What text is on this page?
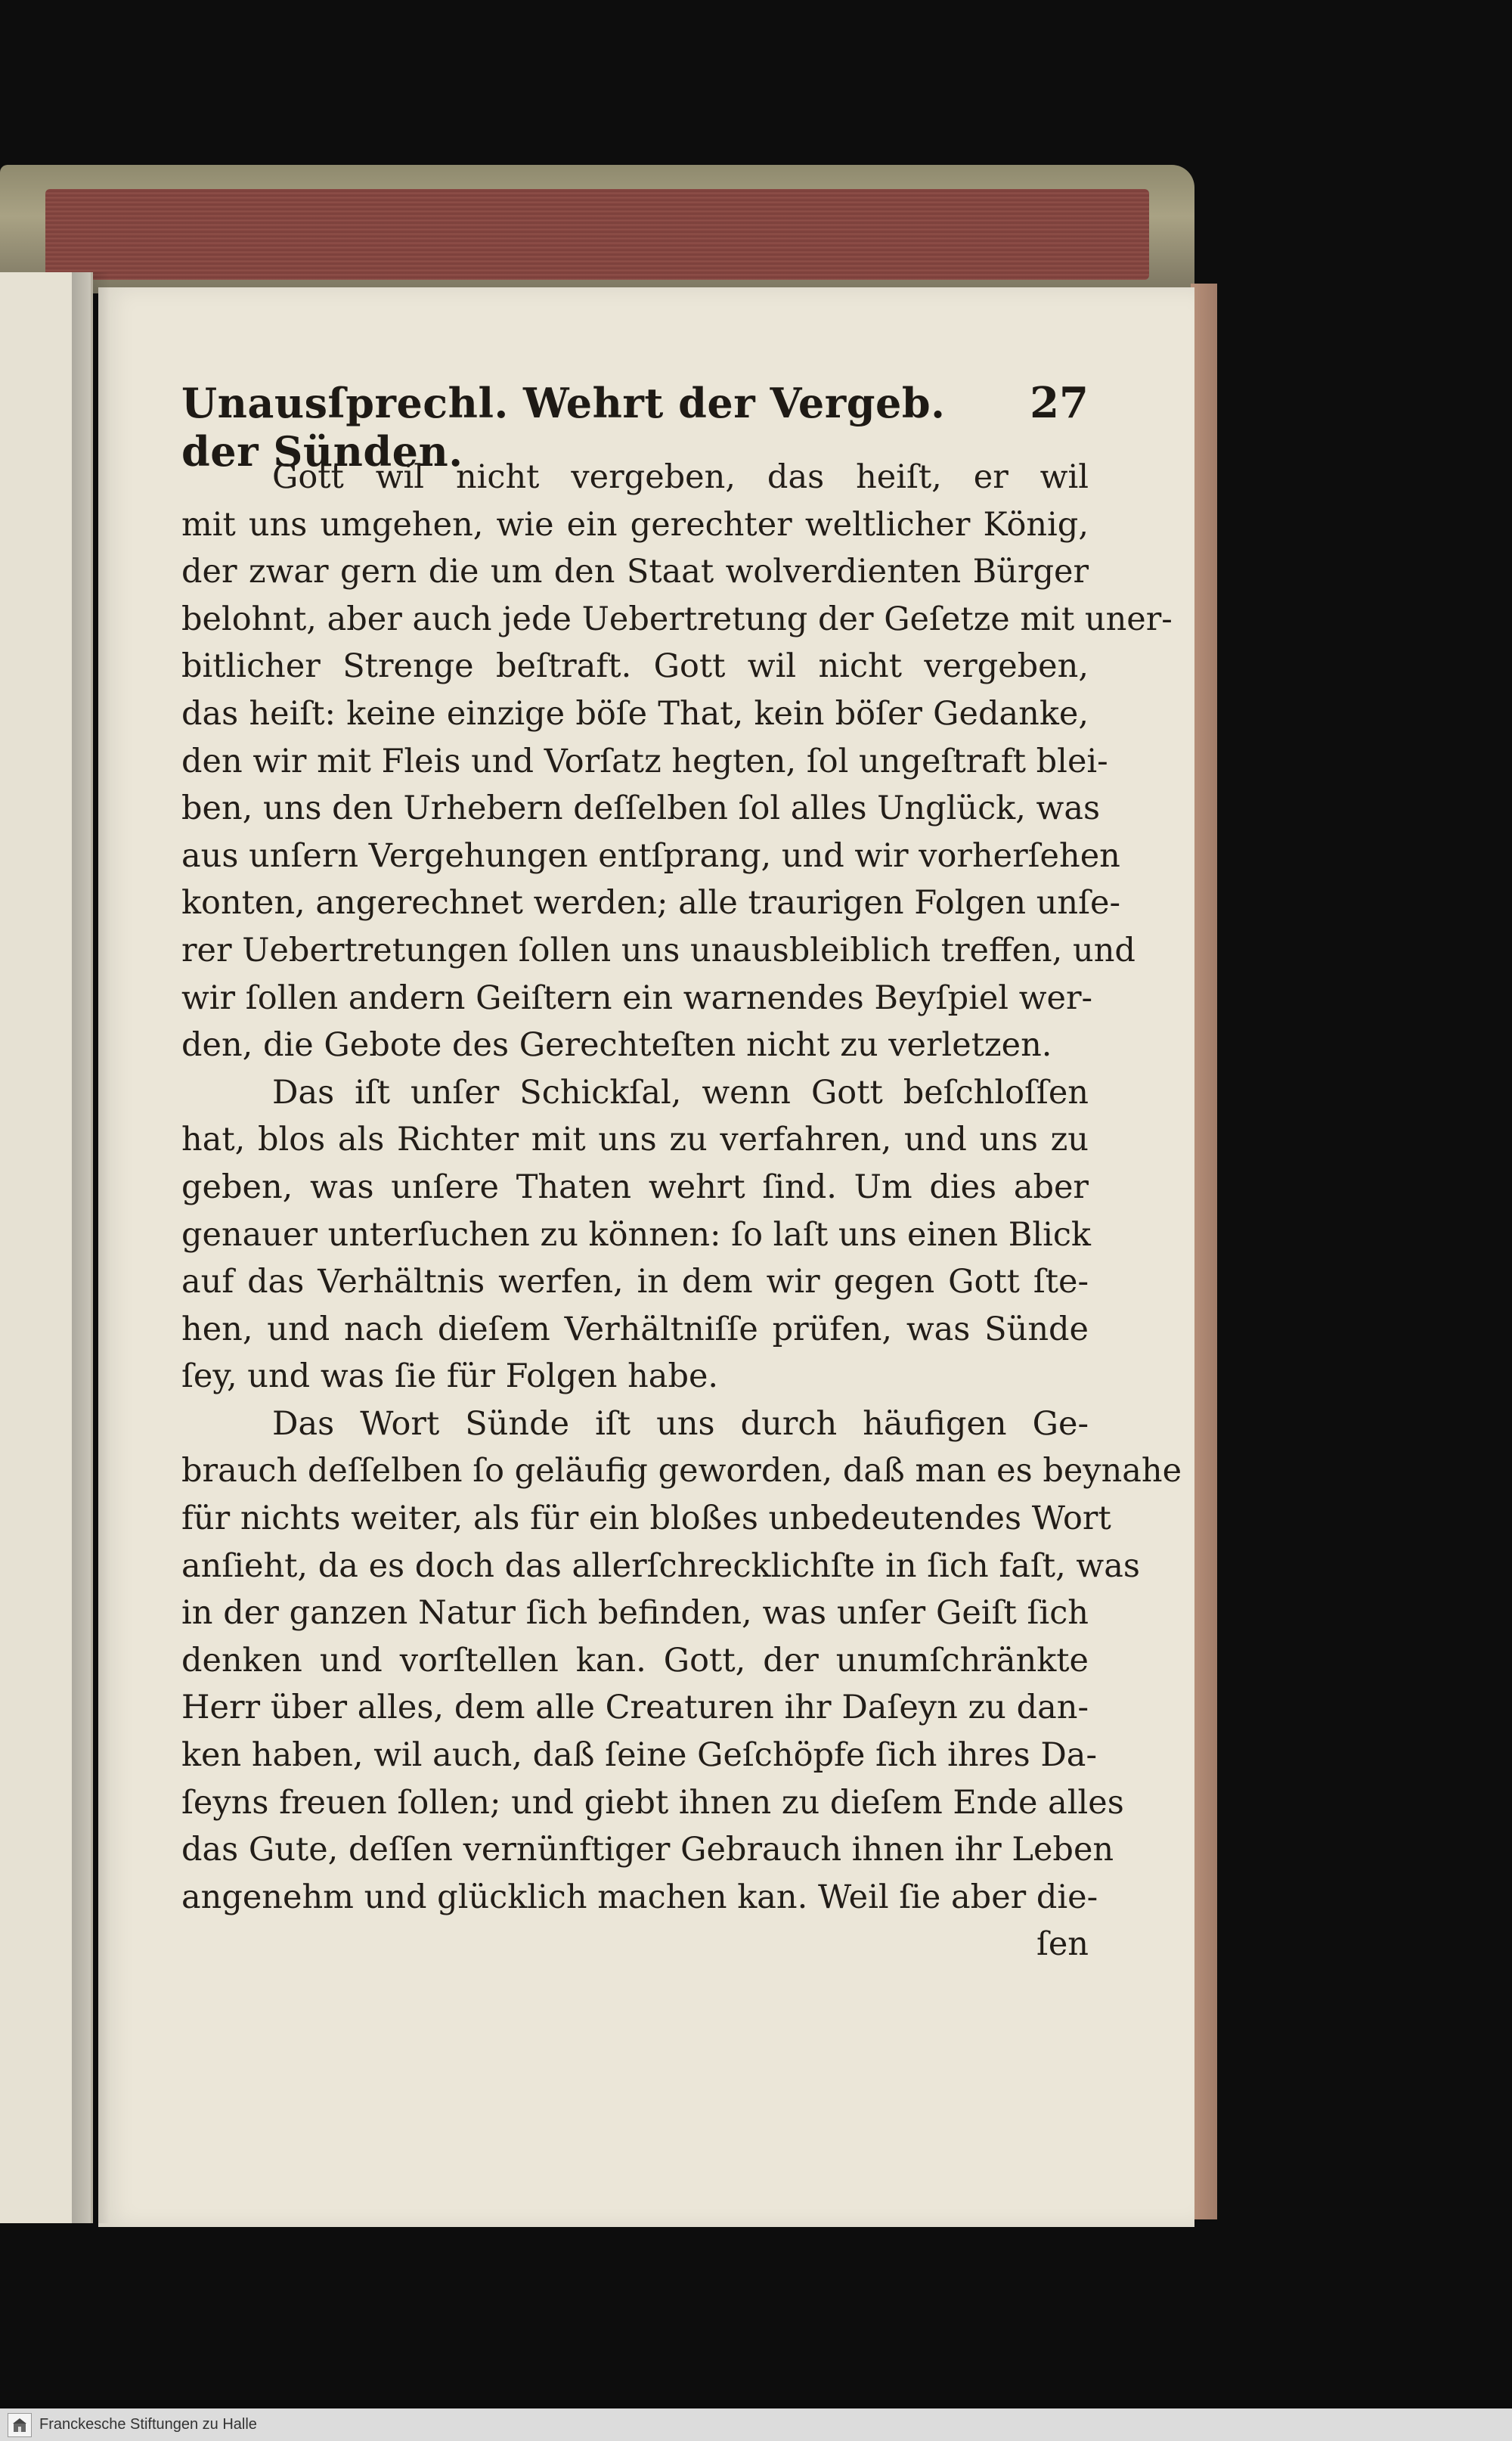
Unausſprechl. Wehrt der Vergeb. der Sünden.
27
Gott wil nicht vergeben, das heiſt, er wil
mit uns umgehen, wie ein gerechter weltlicher König,
der zwar gern die um den Staat wolverdienten Bürger
belohnt, aber auch jede Uebertretung der Geſetze mit uner-
bitlicher Strenge beſtraft. Gott wil nicht vergeben,
das heiſt: keine einzige böſe That, kein böſer Gedanke,
den wir mit Fleis und Vorſatz hegten, ſol ungeſtraft blei-
ben, uns den Urhebern deſſelben ſol alles Unglück, was
aus unſern Vergehungen entſprang, und wir vorherſehen
konten, angerechnet werden; alle traurigen Folgen unſe-
rer Uebertretungen ſollen uns unausbleiblich treffen, und
wir ſollen andern Geiſtern ein warnendes Beyſpiel wer-
den, die Gebote des Gerechteſten nicht zu verletzen.
Das iſt unſer Schickſal, wenn Gott beſchloſſen
hat, blos als Richter mit uns zu verfahren, und uns zu
geben, was unſere Thaten wehrt ſind. Um dies aber
genauer unterſuchen zu können: ſo laſt uns einen Blick
auf das Verhältnis werfen, in dem wir gegen Gott ſte-
hen, und nach dieſem Verhältniſſe prüfen, was Sünde
ſey, und was ſie für Folgen habe.
Das Wort Sünde iſt uns durch häufigen Ge-
brauch deſſelben ſo geläufig geworden, daß man es beynahe
für nichts weiter, als für ein bloßes unbedeutendes Wort
anſieht, da es doch das allerſchrecklichſte in ſich faſt, was
in der ganzen Natur ſich befinden, was unſer Geiſt ſich
denken und vorſtellen kan. Gott, der unumſchränkte
Herr über alles, dem alle Creaturen ihr Daſeyn zu dan-
ken haben, wil auch, daß ſeine Geſchöpfe ſich ihres Da-
ſeyns freuen ſollen; und giebt ihnen zu dieſem Ende alles
das Gute, deſſen vernünftiger Gebrauch ihnen ihr Leben
angenehm und glücklich machen kan. Weil ſie aber die-
ſen
Franckesche Stiftungen zu Halle
